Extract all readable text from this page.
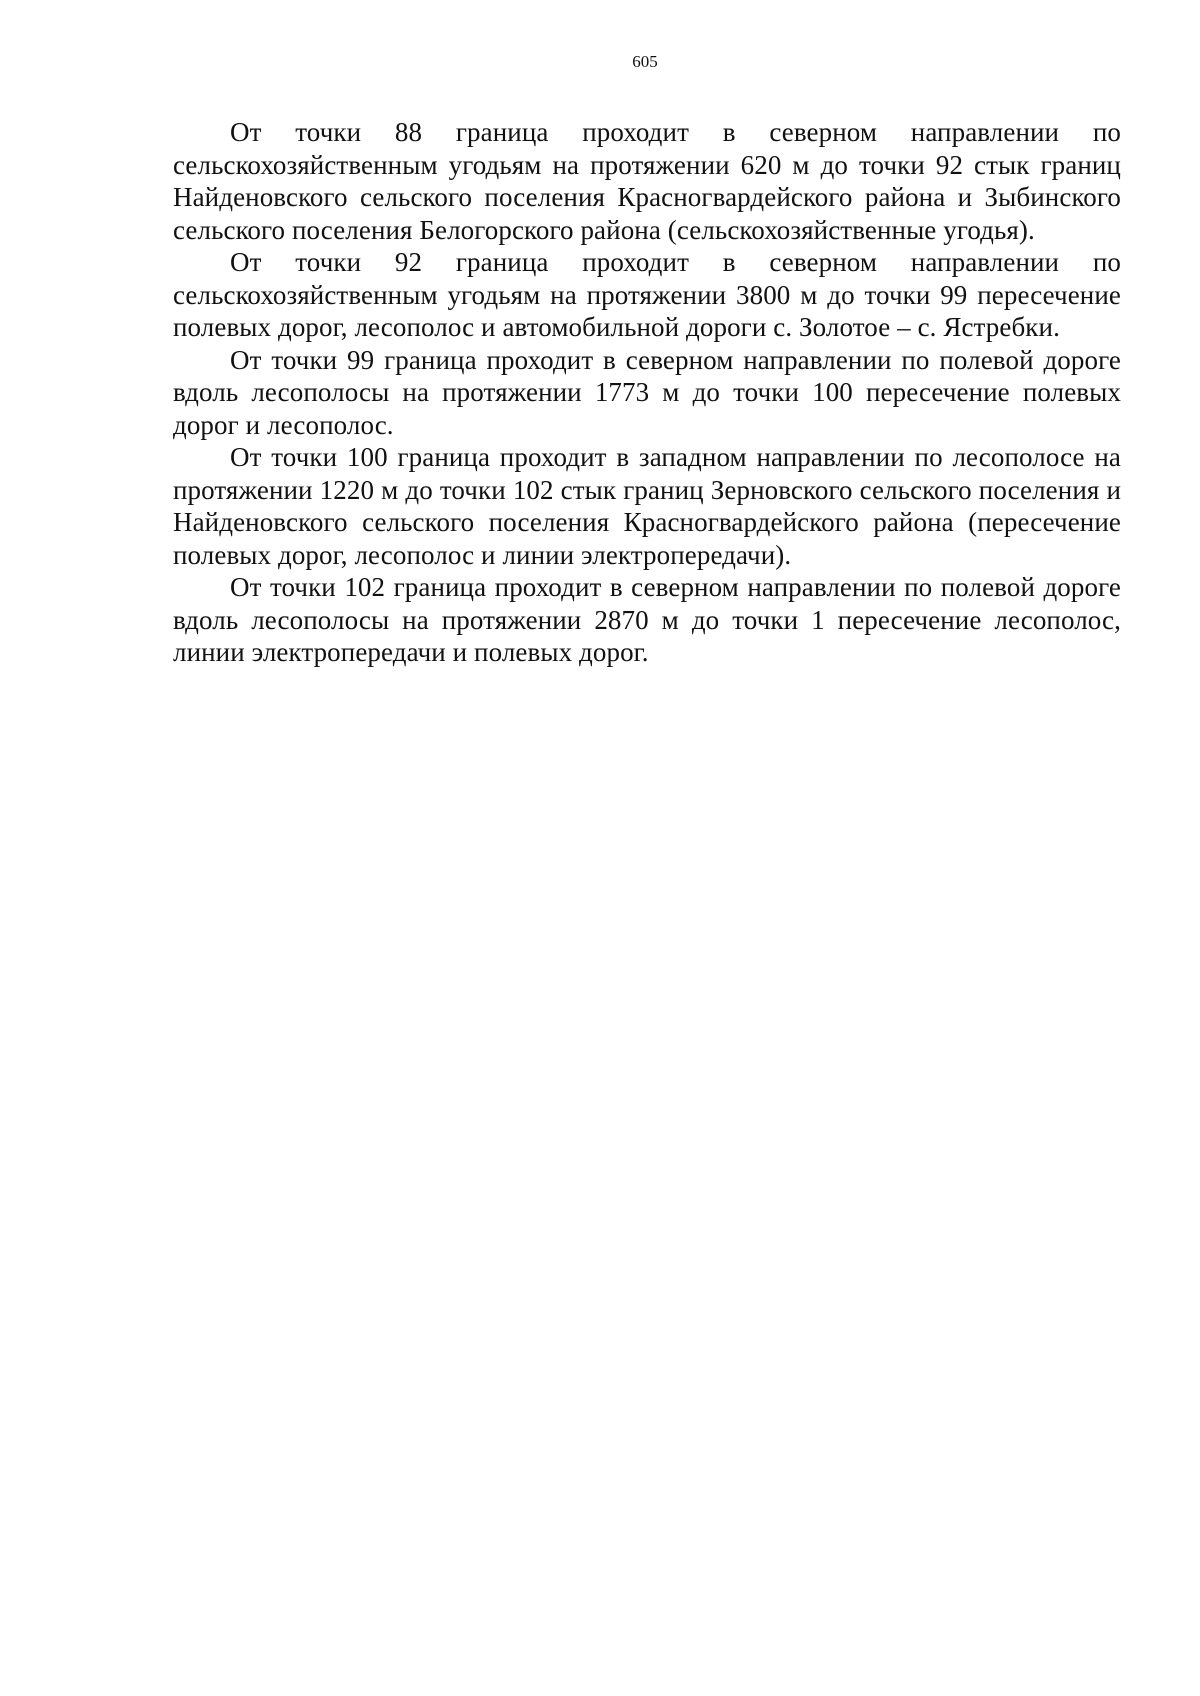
605

От точки 88 граница проходит в северном направлении по сельскохозяйственным угодьям на протяжении 620 м до точки 92 стык границ Найденовского сельского поселения Красногвардейского района и Зыбинского сельского поселения Белогорского района (сельскохозяйственные угодья).

От точки 92 граница проходит в северном направлении по сельскохозяйственным угодьям на протяжении 3800 м до точки 99 пересечение полевых дорог, лесополос и автомобильной дороги с. Золотое – с. Ястребки.

От точки 99 граница проходит в северном направлении по полевой дороге вдоль лесополосы на протяжении 1773 м до точки 100 пересечение полевых дорог и лесополос.

От точки 100 граница проходит в западном направлении по лесополосе на протяжении 1220 м до точки 102 стык границ Зерновского сельского поселения и Найденовского сельского поселения Красногвардейского района (пересечение полевых дорог, лесополос и линии электропередачи).

От точки 102 граница проходит в северном направлении по полевой дороге вдоль лесополосы на протяжении 2870 м до точки 1 пересечение лесополос, линии электропередачи и полевых дорог.
